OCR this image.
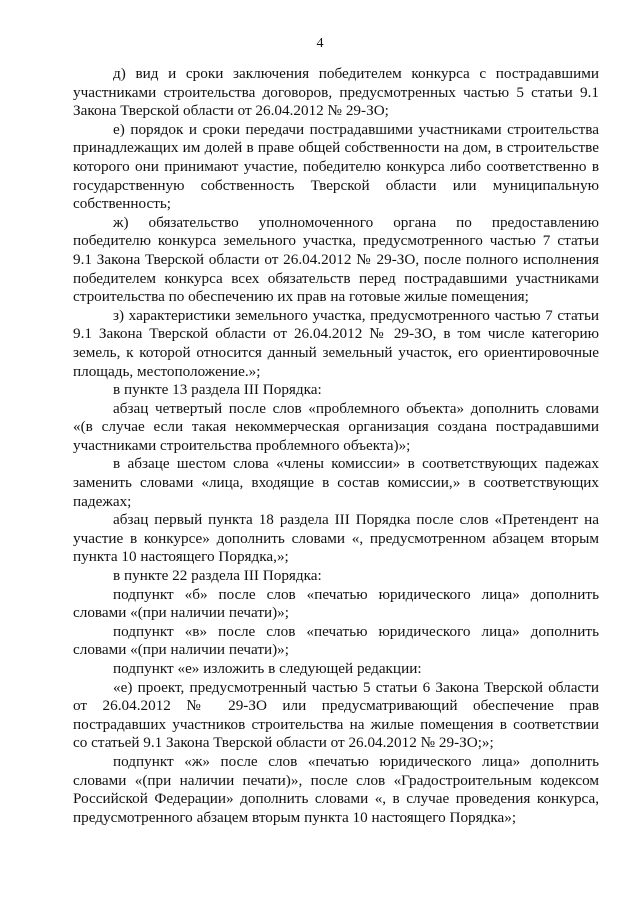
4

д) вид и сроки заключения победителем конкурса с пострадавшими участниками строительства договоров, предусмотренных частью 5 статьи 9.1 Закона Тверской области от 26.04.2012 № 29-ЗО;

е) порядок и сроки передачи пострадавшими участниками строительства принадлежащих им долей в праве общей собственности на дом, в строительстве которого они принимают участие, победителю конкурса либо соответственно в государственную собственность Тверской области или муниципальную собственность;

ж) обязательство уполномоченного органа по предоставлению победителю конкурса земельного участка, предусмотренного частью 7 статьи 9.1 Закона Тверской области от 26.04.2012 № 29-ЗО, после полного исполнения победителем конкурса всех обязательств перед пострадавшими участниками строительства по обеспечению их прав на готовые жилые помещения;

з) характеристики земельного участка, предусмотренного частью 7 статьи 9.1 Закона Тверской области от 26.04.2012 № 29-ЗО, в том числе категорию земель, к которой относится данный земельный участок, его ориентировочные площадь, местоположение.»;

в пункте 13 раздела III Порядка:

абзац четвертый после слов «проблемного объекта» дополнить словами «(в случае если такая некоммерческая организация создана пострадавшими участниками строительства проблемного объекта)»;

в абзаце шестом слова «члены комиссии» в соответствующих падежах заменить словами «лица, входящие в состав комиссии,» в соответствующих падежах;

абзац первый пункта 18 раздела III Порядка после слов «Претендент на участие в конкурсе» дополнить словами «, предусмотренном абзацем вторым пункта 10 настоящего Порядка,»;

в пункте 22 раздела III Порядка:

подпункт «б» после слов «печатью юридического лица» дополнить словами «(при наличии печати)»;

подпункт «в» после слов «печатью юридического лица» дополнить словами «(при наличии печати)»;

подпункт «е» изложить в следующей редакции:

«е) проект, предусмотренный частью 5 статьи 6 Закона Тверской области от 26.04.2012 № 29-ЗО или предусматривающий обеспечение прав пострадавших участников строительства на жилые помещения в соответствии со статьей 9.1 Закона Тверской области от 26.04.2012 № 29-ЗО;»;

подпункт «ж» после слов «печатью юридического лица» дополнить словами «(при наличии печати)», после слов «Градостроительным кодексом Российской Федерации» дополнить словами «, в случае проведения конкурса, предусмотренного абзацем вторым пункта 10 настоящего Порядка»;
